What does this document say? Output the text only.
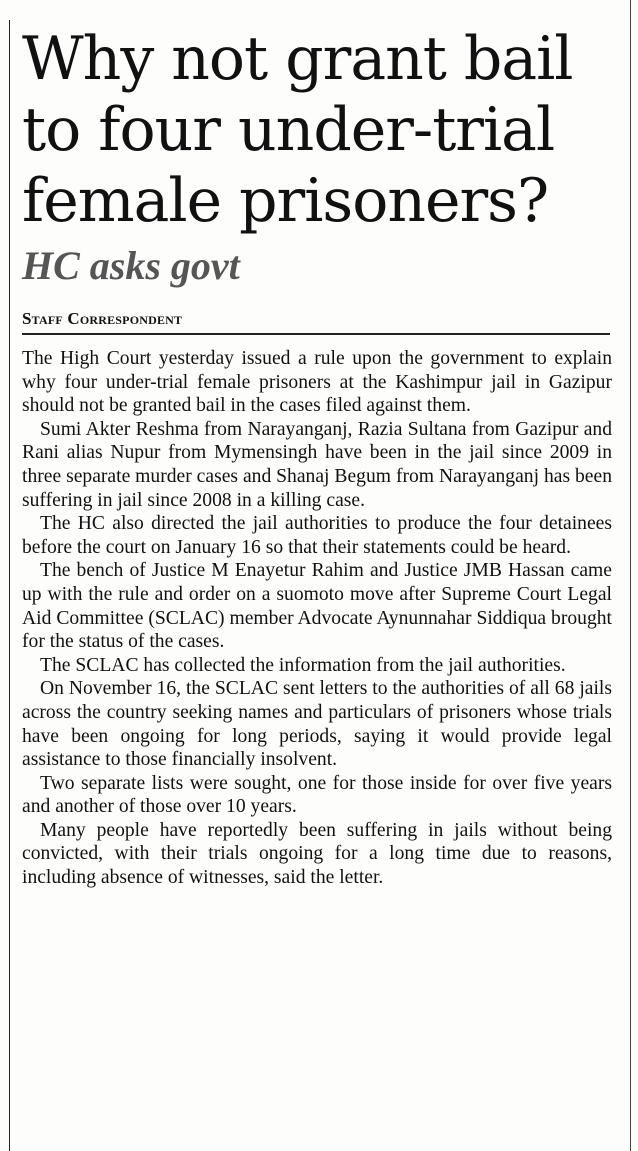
Why not grant bail
to four under-trial
female prisoners?
HC asks govt
Staff Correspondent

The High Court yesterday issued a rule upon the government to explain why four under-trial female prisoners at the Kashimpur jail in Gazipur should not be granted bail in the cases filed against them.

Sumi Akter Reshma from Narayanganj, Razia Sultana from Gazipur and Rani alias Nupur from Mymensingh have been in the jail since 2009 in three separate murder cases and Shanaj Begum from Narayanganj has been suffering in jail since 2008 in a killing case.

The HC also directed the jail authorities to produce the four detainees before the court on January 16 so that their statements could be heard.

The bench of Justice M Enayetur Rahim and Justice JMB Hassan came up with the rule and order on a suomoto move after Supreme Court Legal Aid Committee (SCLAC) member Advocate Aynunnahar Siddiqua brought for the status of the cases.

The SCLAC has collected the information from the jail authorities.

On November 16, the SCLAC sent letters to the authorities of all 68 jails across the country seeking names and particulars of prisoners whose trials have been ongoing for long periods, saying it would provide legal assistance to those financially insolvent.

Two separate lists were sought, one for those inside for over five years and another of those over 10 years.

Many people have reportedly been suffering in jails without being convicted, with their trials ongoing for a long time due to reasons, including absence of witnesses, said the letter.
